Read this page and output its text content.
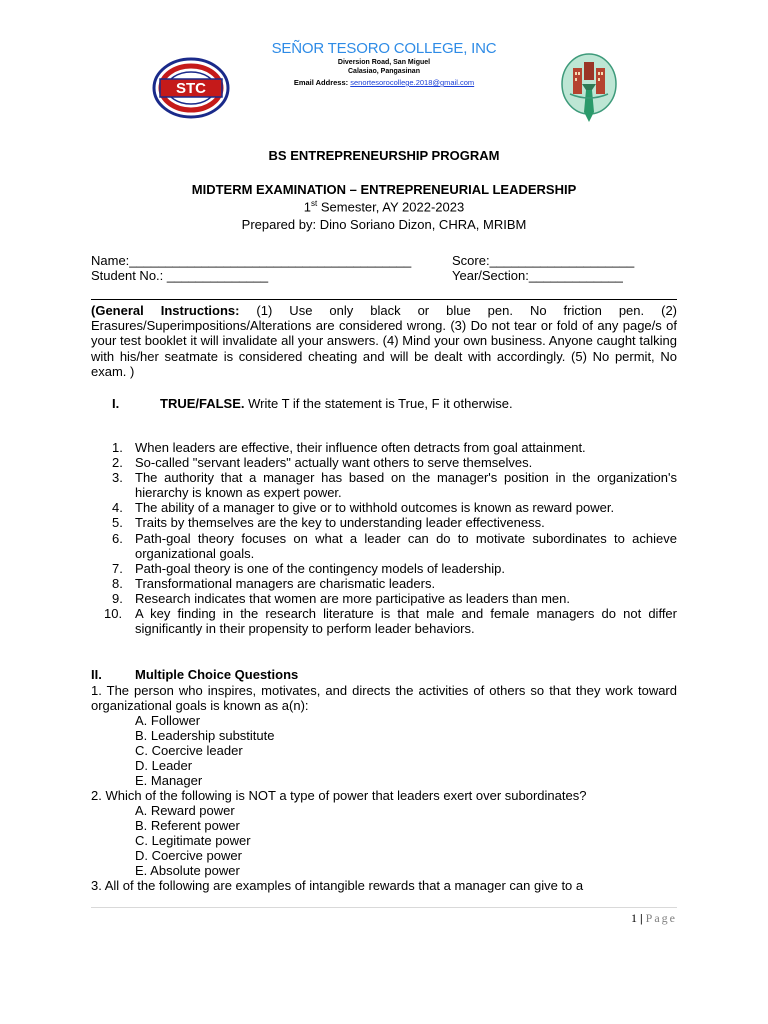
STC
SEÑOR TESORO COLLEGE, INC
Diversion Road, San Miguel
Calasiao, Pangasinan
Email Address: senortesorocollege.2018@gmail.com
BS ENTREPRENEURSHIP PROGRAM
MIDTERM EXAMINATION – ENTREPRENEURIAL LEADERSHIP
1st Semester, AY 2022-2023
Prepared by: Dino Soriano Dizon, CHRA, MRIBM
Name:_______________________________________	Score:____________________
Student No.: ______________	Year/Section:_____________
(General Instructions: (1) Use only black or blue pen. No friction pen. (2) Erasures/Superimpositions/Alterations are considered wrong. (3) Do not tear or fold of any page/s of your test booklet it will invalidate all your answers. (4) Mind your own business. Anyone caught talking with his/her seatmate is considered cheating and will be dealt with accordingly. (5) No permit, No exam. )
I.	TRUE/FALSE. Write T if the statement is True, F it otherwise.
1. When leaders are effective, their influence often detracts from goal attainment.
2. So-called "servant leaders" actually want others to serve themselves.
3. The authority that a manager has based on the manager's position in the organization's hierarchy is known as expert power.
4. The ability of a manager to give or to withhold outcomes is known as reward power.
5. Traits by themselves are the key to understanding leader effectiveness.
6. Path-goal theory focuses on what a leader can do to motivate subordinates to achieve organizational goals.
7. Path-goal theory is one of the contingency models of leadership.
8. Transformational managers are charismatic leaders.
9. Research indicates that women are more participative as leaders than men.
10. A key finding in the research literature is that male and female managers do not differ significantly in their propensity to perform leader behaviors.
II.	Multiple Choice Questions
1. The person who inspires, motivates, and directs the activities of others so that they work toward organizational goals is known as a(n):
A. Follower
B. Leadership substitute
C. Coercive leader
D. Leader
E. Manager
2. Which of the following is NOT a type of power that leaders exert over subordinates?
A. Reward power
B. Referent power
C. Legitimate power
D. Coercive power
E. Absolute power
3. All of the following are examples of intangible rewards that a manager can give to a
1 | Page
